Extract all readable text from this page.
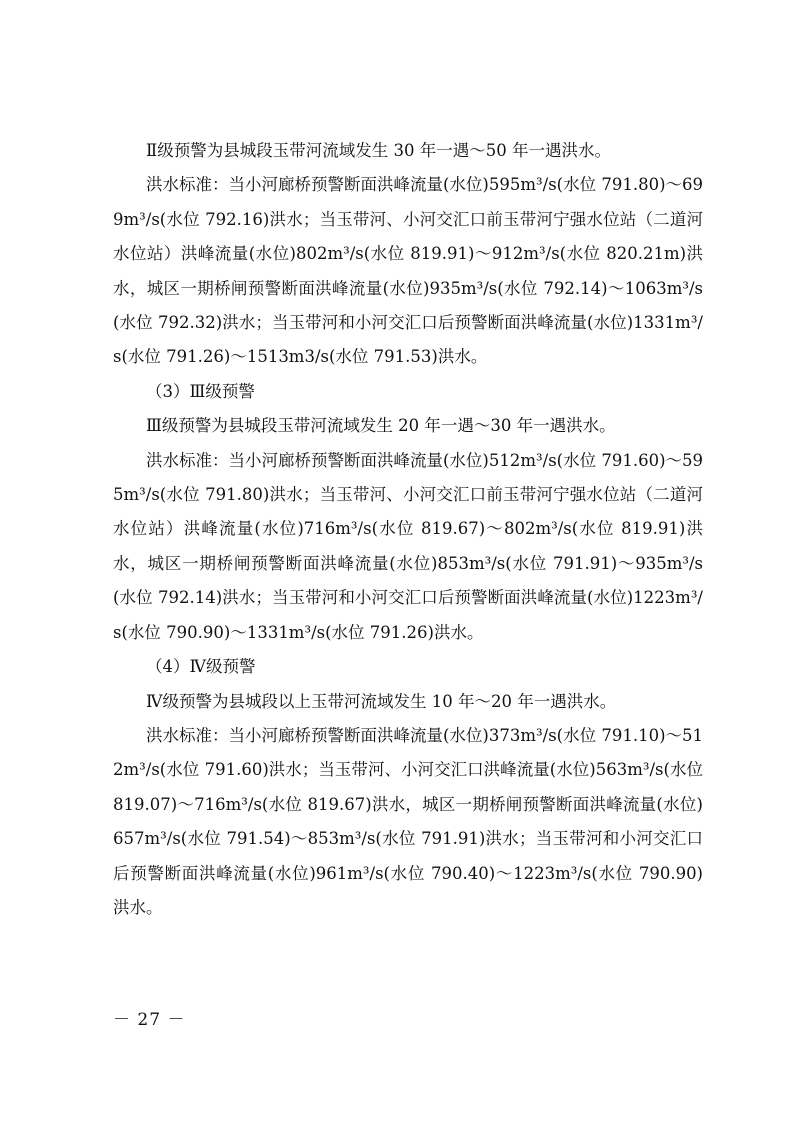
Ⅱ级预警为县城段玉带河流域发生 30 年一遇～50 年一遇洪水。

洪水标准：当小河廊桥预警断面洪峰流量(水位)595m³/s(水位 791.80)～699m³/s(水位 792.16)洪水；当玉带河、小河交汇口前玉带河宁强水位站（二道河水位站）洪峰流量(水位)802m³/s(水位 819.91)～912m³/s(水位 820.21m)洪水，城区一期桥闸预警断面洪峰流量(水位)935m³/s(水位 792.14)～1063m³/s(水位 792.32)洪水；当玉带河和小河交汇口后预警断面洪峰流量(水位)1331m³/s(水位 791.26)～1513m3/s(水位 791.53)洪水。

（3）Ⅲ级预警

Ⅲ级预警为县城段玉带河流域发生 20 年一遇～30 年一遇洪水。

洪水标准：当小河廊桥预警断面洪峰流量(水位)512m³/s(水位 791.60)～595m³/s(水位 791.80)洪水；当玉带河、小河交汇口前玉带河宁强水位站（二道河水位站）洪峰流量(水位)716m³/s(水位 819.67)～802m³/s(水位 819.91)洪水，城区一期桥闸预警断面洪峰流量(水位)853m³/s(水位 791.91)～935m³/s(水位 792.14)洪水；当玉带河和小河交汇口后预警断面洪峰流量(水位)1223m³/s(水位 790.90)～1331m³/s(水位 791.26)洪水。

（4）Ⅳ级预警

Ⅳ级预警为县城段以上玉带河流域发生 10 年～20 年一遇洪水。

洪水标准：当小河廊桥预警断面洪峰流量(水位)373m³/s(水位 791.10)～512m³/s(水位 791.60)洪水；当玉带河、小河交汇口洪峰流量(水位)563m³/s(水位 819.07)～716m³/s(水位 819.67)洪水，城区一期桥闸预警断面洪峰流量(水位)657m³/s(水位 791.54)～853m³/s(水位 791.91)洪水；当玉带河和小河交汇口后预警断面洪峰流量(水位)961m³/s(水位 790.40)～1223m³/s(水位 790.90)洪水。

－ 27 －
